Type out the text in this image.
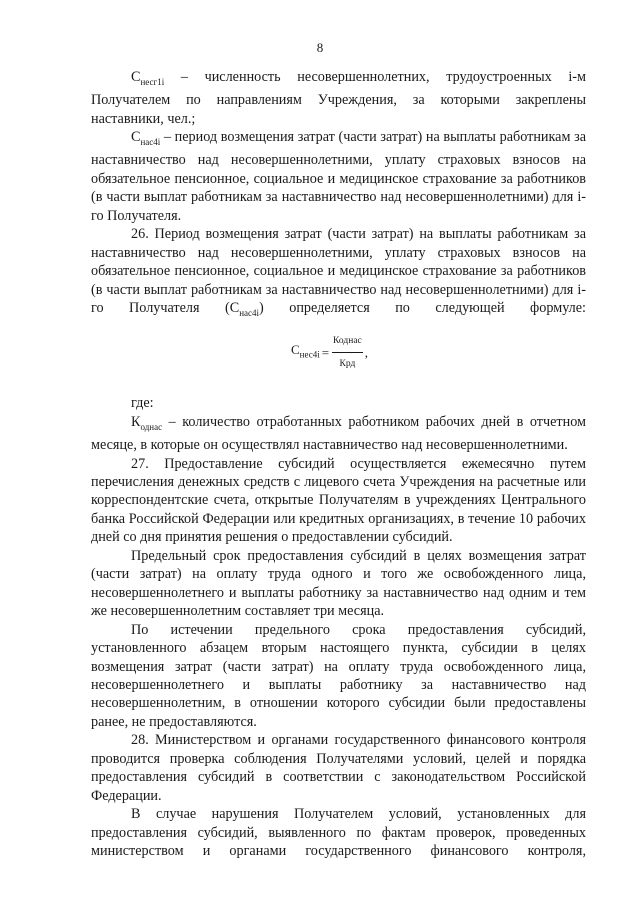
8

$С_{несг1i}$ – численность несовершеннолетних, трудоустроенных i-м Получателем по направлениям Учреждения, за которыми закреплены наставники, чел.;

$С_{нас4i}$ – период возмещения затрат (части затрат) на выплаты работникам за наставничество над несовершеннолетними, уплату страховых взносов на обязательное пенсионное, социальное и медицинское страхование за работников (в части выплат работникам за наставничество над несовершеннолетними) для i-го Получателя.

26. Период возмещения затрат (части затрат) на выплаты работникам за наставничество над несовершеннолетними, уплату страховых взносов на обязательное пенсионное, социальное и медицинское страхование за работников (в части выплат работникам за наставничество над несовершеннолетними) для i-го Получателя $(С_{нас4i})$ определяется по следующей формуле:

$С_{нес4i} = \frac{\text{Коднас}}{\text{Крд}}$ ,

где:

$К_{однас}$ – количество отработанных работником рабочих дней в отчетном месяце, в которые он осуществлял наставничество над несовершеннолетними.

27. Предоставление субсидий осуществляется ежемесячно путем перечисления денежных средств с лицевого счета Учреждения на расчетные или корреспондентские счета, открытые Получателям в учреждениях Центрального банка Российской Федерации или кредитных организациях, в течение 10 рабочих дней со дня принятия решения о предоставлении субсидий.

Предельный срок предоставления субсидий в целях возмещения затрат (части затрат) на оплату труда одного и того же освобожденного лица, несовершеннолетнего и выплаты работнику за наставничество над одним и тем же несовершеннолетним составляет три месяца.

По истечении предельного срока предоставления субсидий, установленного абзацем вторым настоящего пункта, субсидии в целях возмещения затрат (части затрат) на оплату труда освобожденного лица, несовершеннолетнего и выплаты работнику за наставничество над несовершеннолетним, в отношении которого субсидии были предоставлены ранее, не предоставляются.

28. Министерством и органами государственного финансового контроля проводится проверка соблюдения Получателями условий, целей и порядка предоставления субсидий в соответствии с законодательством Российской Федерации.

В случае нарушения Получателем условий, установленных для предоставления субсидий, выявленного по фактам проверок, проведенных министерством и органами государственного финансового контроля,
